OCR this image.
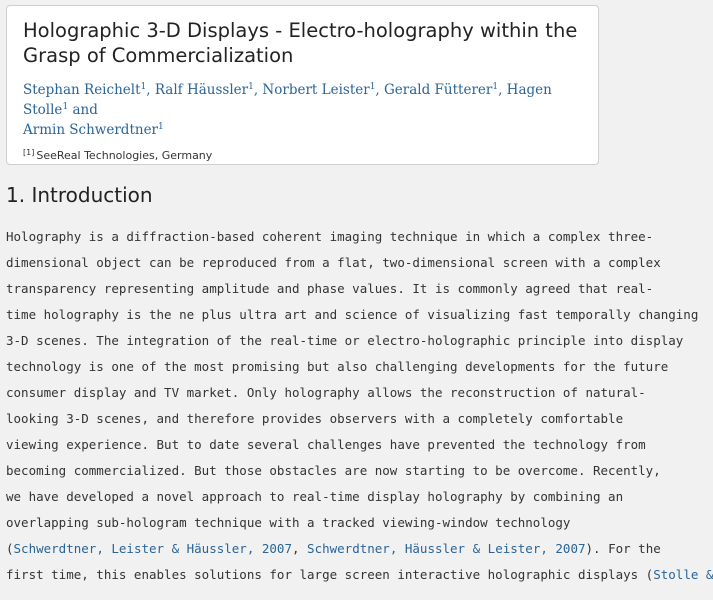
Holographic 3-D Displays - Electro-holography within the
Grasp of Commercialization
Stephan Reichelt$^1$, Ralf Häussler$^1$, Norbert Leister$^1$, Gerald Fütterer$^1$, Hagen Stolle$^1$ and
Armin Schwerdtner$^1$
[1] SeeReal Technologies, Germany
1. Introduction
Holography is a diffraction-based coherent imaging technique in which a complex three-
dimensional object can be reproduced from a flat, two-dimensional screen with a complex
transparency representing amplitude and phase values. It is commonly agreed that real-
time holography is the ne plus ultra art and science of visualizing fast temporally changing
3-D scenes. The integration of the real-time or electro-holographic principle into display
technology is one of the most promising but also challenging developments for the future
consumer display and TV market. Only holography allows the reconstruction of natural-
looking 3-D scenes, and therefore provides observers with a completely comfortable
viewing experience. But to date several challenges have prevented the technology from
becoming commercialized. But those obstacles are now starting to be overcome. Recently,
we have developed a novel approach to real-time display holography by combining an
overlapping sub-hologram technique with a tracked viewing-window technology
(Schwerdtner, Leister & Häussler, 2007, Schwerdtner, Häussler & Leister, 2007). For the
first time, this enables solutions for large screen interactive holographic displays (Stolle &
